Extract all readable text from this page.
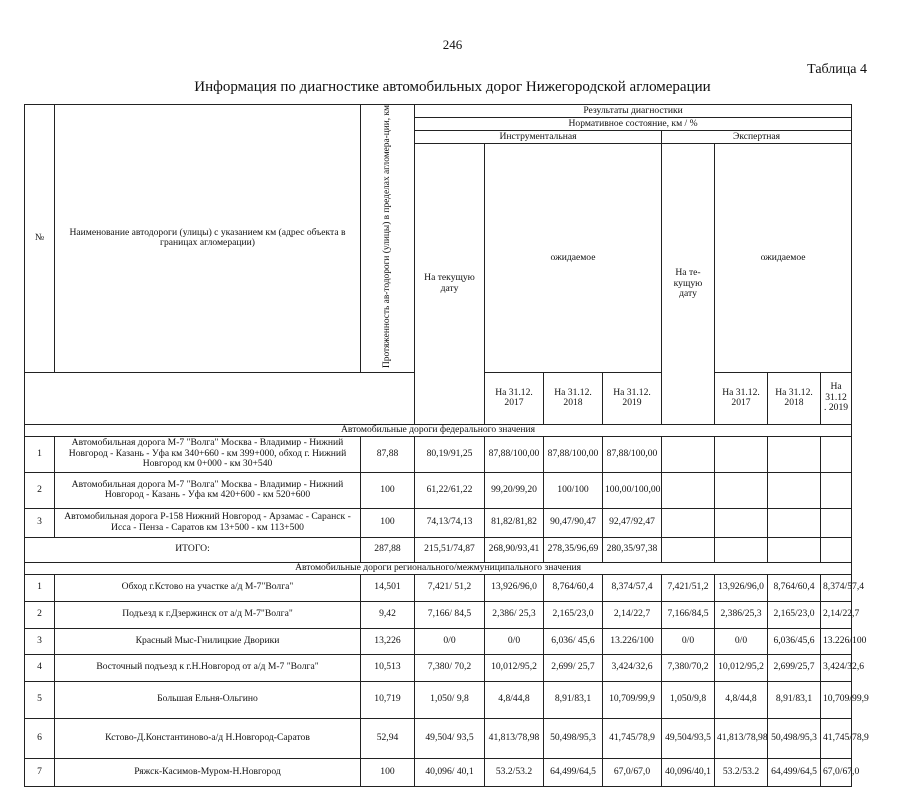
246
Таблица 4
Информация по диагностике автомобильных дорог Нижегородской агломерации
№	Наименование автодороги (улицы) с указанием км (адрес объекта в границах агломерации)	Протяженность ав-тодороги (улицы) в пределах агломера-ции, км	Результаты диагностики							
			Нормативное состояние, км / %							
			Инструментальная				Экспертная			
			На текущую дату	ожидаемое			На те-кущую дату	ожидаемое		
				На 31.12. 2017	На 31.12. 2018	На 31.12. 2019		На 31.12. 2017	На 31.12. 2018	На 31.12 . 2019
Автомобильные дороги федерального значения										
1	Автомобильная дорога М-7 "Волга" Москва - Владимир - Нижний Новгород - Казань - Уфа км 340+660 - км 399+000, обход г. Нижний Новгород км 0+000 - км 30+540	87,88	80,19/91,25	87,88/100,00	87,88/100,00	87,88/100,00				
2	Автомобильная дорога М-7 "Волга" Москва - Владимир - Нижний Новгород - Казань - Уфа км 420+600 - км 520+600	100	61,22/61,22	99,20/99,20	100/100	100,00/100,00				
3	Автомобильная дорога Р-158 Нижний Новгород - Арзамас - Саранск - Исса - Пенза - Саратов км 13+500 - км 113+500	100	74,13/74,13	81,82/81,82	90,47/90,47	92,47/92,47				
ИТОГО:		287,88	215,51/74,87	268,90/93,41	278,35/96,69	280,35/97,38				
Автомобильные дороги регионального/межмуниципального значения										
1	Обход г.Кстово на участке а/д М-7"Волга"	14,501	7,421/ 51,2	13,926/96,0	8,764/60,4	8,374/57,4	7,421/51,2	13,926/96,0	8,764/60,4	8,374/57,4
2	Подъезд к г.Дзержинск от а/д М-7"Волга"	9,42	7,166/ 84,5	2,386/ 25,3	2,165/23,0	2,14/22,7	7,166/84,5	2,386/25,3	2,165/23,0	2,14/22,7
3	Красный Мыс-Гнилицкие Дворики	13,226	0/0	0/0	6,036/ 45,6	13.226/100	0/0	0/0	6,036/45,6	13.226/100
4	Восточный подъезд к г.Н.Новгород от а/д М-7 "Волга"	10,513	7,380/ 70,2	10,012/95,2	2,699/ 25,7	3,424/32,6	7,380/70,2	10,012/95,2	2,699/25,7	3,424/32,6
5	Большая Ельня-Ольгино	10,719	1,050/ 9,8	4,8/44,8	8,91/83,1	10,709/99,9	1,050/9,8	4,8/44,8	8,91/83,1	10,709/99,9
6	Кстово-Д.Константиново-а/д Н.Новгород-Саратов	52,94	49,504/ 93,5	41,813/78,98	50,498/95,3	41,745/78,9	49,504/93,5	41,813/78,98	50,498/95,3	41,745/78,9
7	Ряжск-Касимов-Муром-Н.Новгород	100	40,096/ 40,1	53.2/53.2	64,499/64,5	67,0/67,0	40,096/40,1	53.2/53.2	64,499/64,5	67,0/67,0
